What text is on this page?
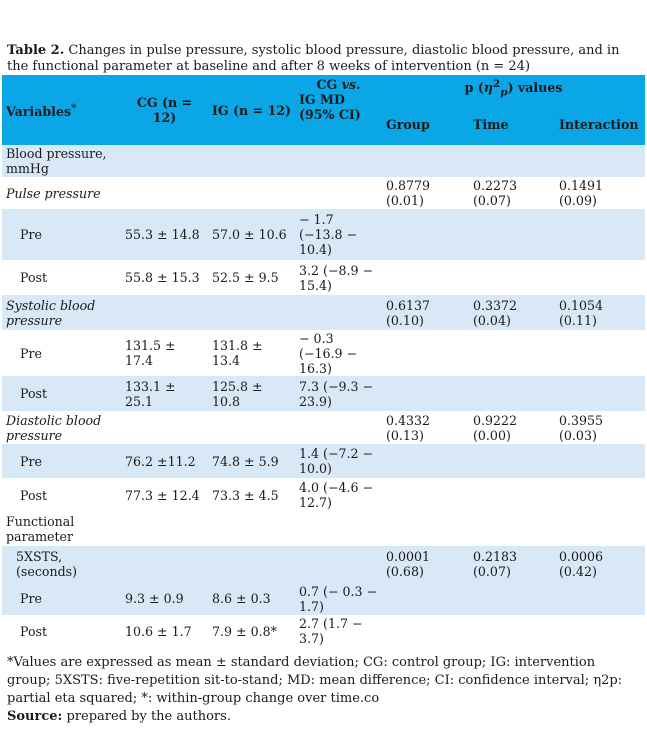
Table 2. Changes in pulse pressure, systolic blood pressure, diastolic blood pressure, and in the functional parameter at baseline and after 8 weeks of intervention (n = 24)
Variables*	CG (n = 12)	IG (n = 12)	CG vs.
IG MD (95% CI)	p $(\eta^2_p)$ values		
				Group	Time	Interaction
Blood pressure, mmHg						
Pulse pressure				0.8779 (0.01)	0.2273 (0.07)	0.1491 (0.09)
Pre	55.3 ± 14.8	57.0 ± 10.6	− 1.7 (−13.8 − 10.4)			
Post	55.8 ± 15.3	52.5 ± 9.5	3.2 (−8.9 − 15.4)			
Systolic blood pressure				0.6137 (0.10)	0.3372 (0.04)	0.1054 (0.11)
Pre	131.5 ± 17.4	131.8 ± 13.4	− 0.3 (−16.9 − 16.3)			
Post	133.1 ± 25.1	125.8 ± 10.8	7.3 (−9.3 − 23.9)			
Diastolic blood pressure				0.4332 (0.13)	0.9222 (0.00)	0.3955 (0.03)
Pre	76.2 ±11.2	74.8 ± 5.9	1.4 (−7.2 − 10.0)			
Post	77.3 ± 12.4	73.3 ± 4.5	4.0 (−4.6 − 12.7)			
Functional parameter						
5XSTS, (seconds)				0.0001 (0.68)	0.2183 (0.07)	0.0006 (0.42)
Pre	9.3 ± 0.9	8.6 ± 0.3	0.7 (− 0.3 − 1.7)			
Post	10.6 ± 1.7	7.9 ± 0.8*	2.7 (1.7 − 3.7)			
*Values are expressed as mean ± standard deviation; CG: control group; IG: intervention group; 5XSTS: five-repetition sit-to-stand; MD: mean difference; CI: confidence interval; η2p: partial eta squared; *: within-group change over time.co
Source: prepared by the authors.
